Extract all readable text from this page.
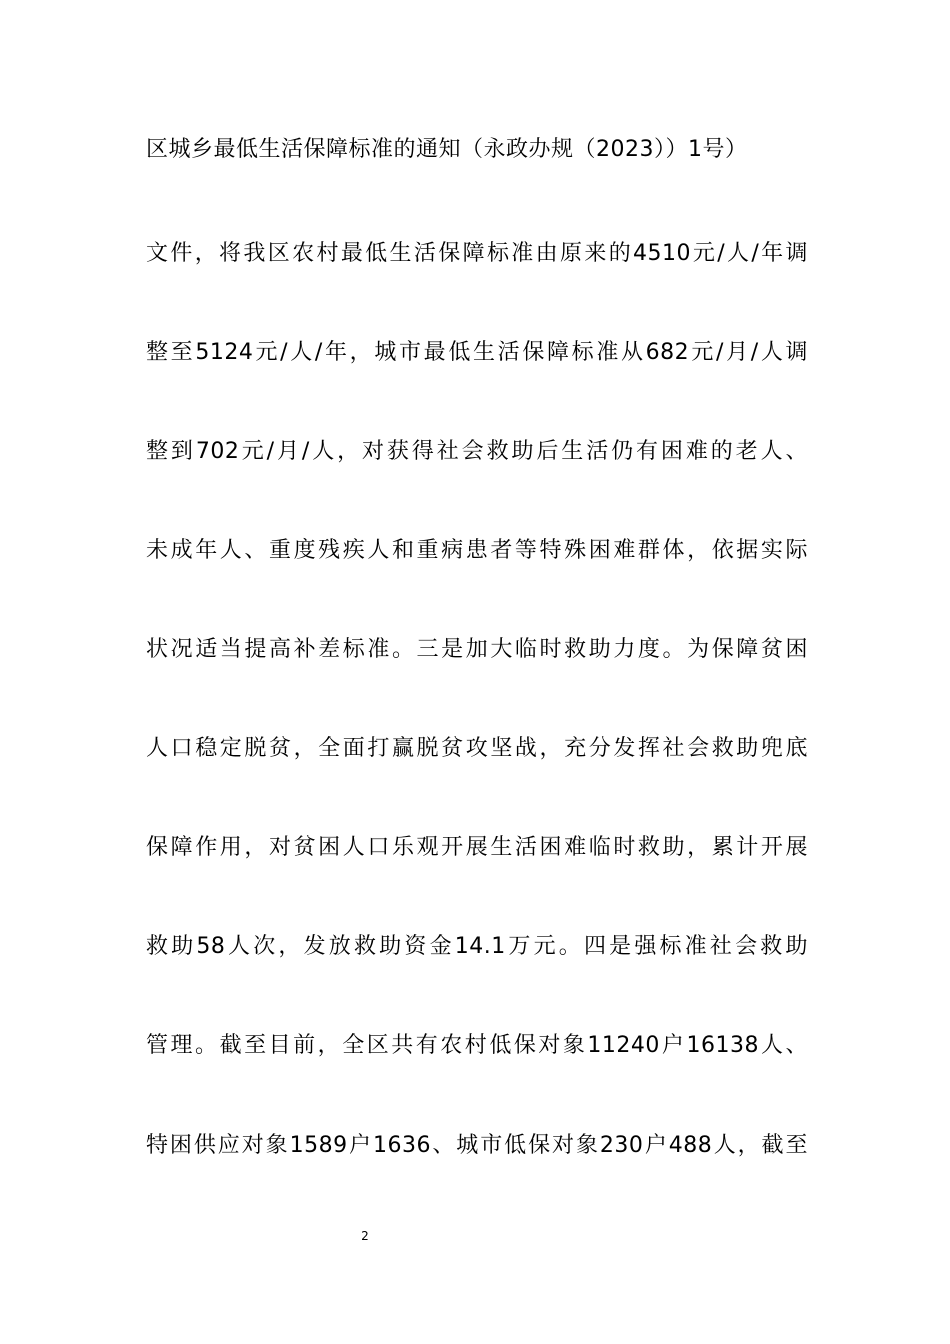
区城乡最低生活保障标准的通知（永政办规（2023））1号）

文件，将我区农村最低生活保障标准由原来的4510元/人/年调

整至5124元/人/年，城市最低生活保障标准从682元/月/人调

整到702元/月/人，对获得社会救助后生活仍有困难的老人、

未成年人、重度残疾人和重病患者等特殊困难群体，依据实际

状况适当提高补差标准。三是加大临时救助力度。为保障贫困

人口稳定脱贫，全面打赢脱贫攻坚战，充分发挥社会救助兜底

保障作用，对贫困人口乐观开展生活困难临时救助，累计开展

救助58人次，发放救助资金14.1万元。四是强标准社会救助

管理。截至目前，全区共有农村低保对象11240户16138人、

特困供应对象1589户1636、城市低保对象230户488人，截至

2
